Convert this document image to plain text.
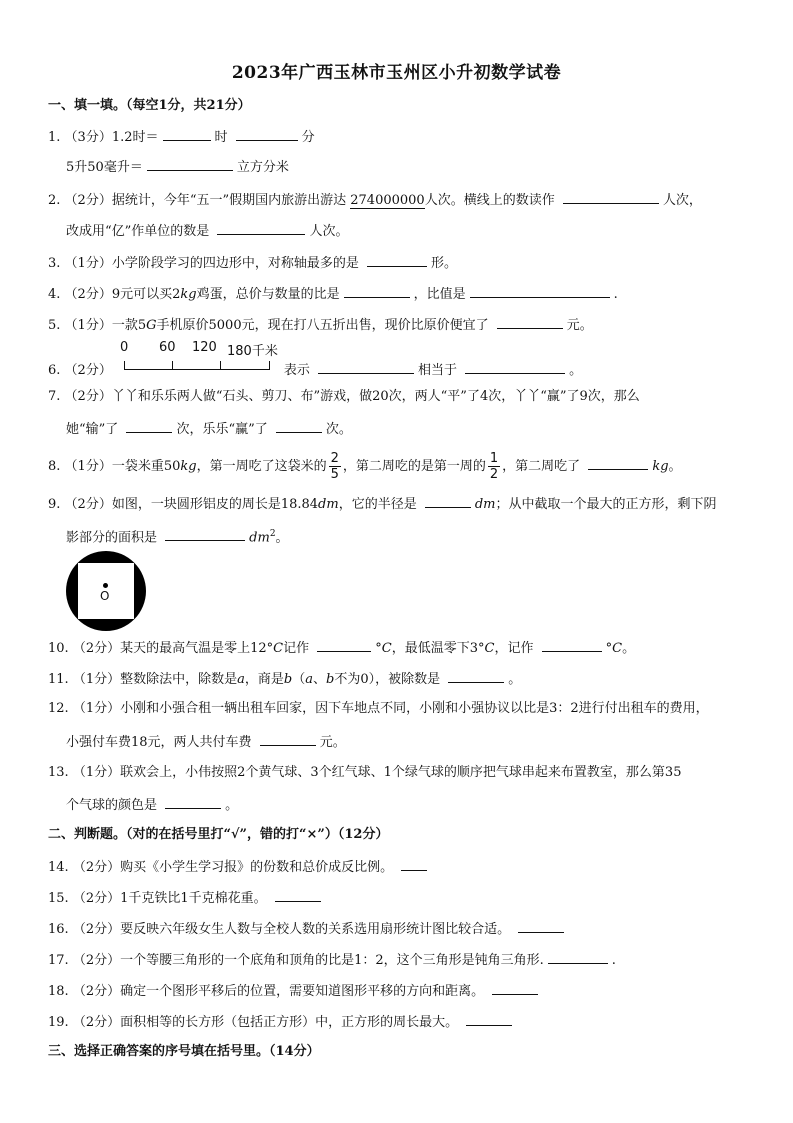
2023年广西玉林市玉州区小升初数学试卷
一、填一填。（每空1分，共21分）
1. （3分）1.2时＝	时	分
5升50毫升＝	立方分米
2. （2分）据统计，今年“五一”假期国内旅游出游达 274000000人次。横线上的数读作	人次，
改成用“亿”作单位的数是	人次。
3. （1分）小学阶段学习的四边形中，对称轴最多的是	形。
4. （2分）9元可以买2kg鸡蛋，总价与数量的比是	，比值是	.
5. （1分）一款5G手机原价5000元，现在打八五折出售，现价比原价便宜了	元。
0 60 120 180千米
6. （2分）	表示	相当于	。
7. （2分）丫丫和乐乐两人做“石头、剪刀、布”游戏，做20次，两人“平”了4次，丫丫“赢”了9次，那么
她“输”了	次，乐乐“赢”了	次。
8. （1分）一袋米重50kg，第一周吃了这袋米的 $\frac{2}{5}$ ，第二周吃的是第一周的 $\frac{1}{2}$ ，第二周吃了	kg。
9. （2分）如图，一块圆形铝皮的周长是18.84dm，它的半径是	dm；从中截取一个最大的正方形，剩下阴
影部分的面积是	$dm^2$。
O
10. （2分）某天的最高气温是零上12°C记作	°C，最低温零下3°C，记作	°C。
11. （1分）整数除法中，除数是a，商是b（a、b不为0），被除数是	。
12. （1分）小刚和小强合租一辆出租车回家，因下车地点不同，小刚和小强协议以比是3：2进行付出租车的费用，
小强付车费18元，两人共付车费	元。
13. （1分）联欢会上，小伟按照2个黄气球、3个红气球、1个绿气球的顺序把气球串起来布置教室，那么第35
个气球的颜色是	。
二、判断题。（对的在括号里打“√”，错的打“×”）（12分）
14. （2分）购买《小学生学习报》的份数和总价成反比例。
15. （2分）1千克铁比1千克棉花重。
16. （2分）要反映六年级女生人数与全校人数的关系选用扇形统计图比较合适。
17. （2分）一个等腰三角形的一个底角和顶角的比是1：2，这个三角形是钝角三角形.	.
18. （2分）确定一个图形平移后的位置，需要知道图形平移的方向和距离。
19. （2分）面积相等的长方形（包括正方形）中，正方形的周长最大。
三、选择正确答案的序号填在括号里。（14分）
